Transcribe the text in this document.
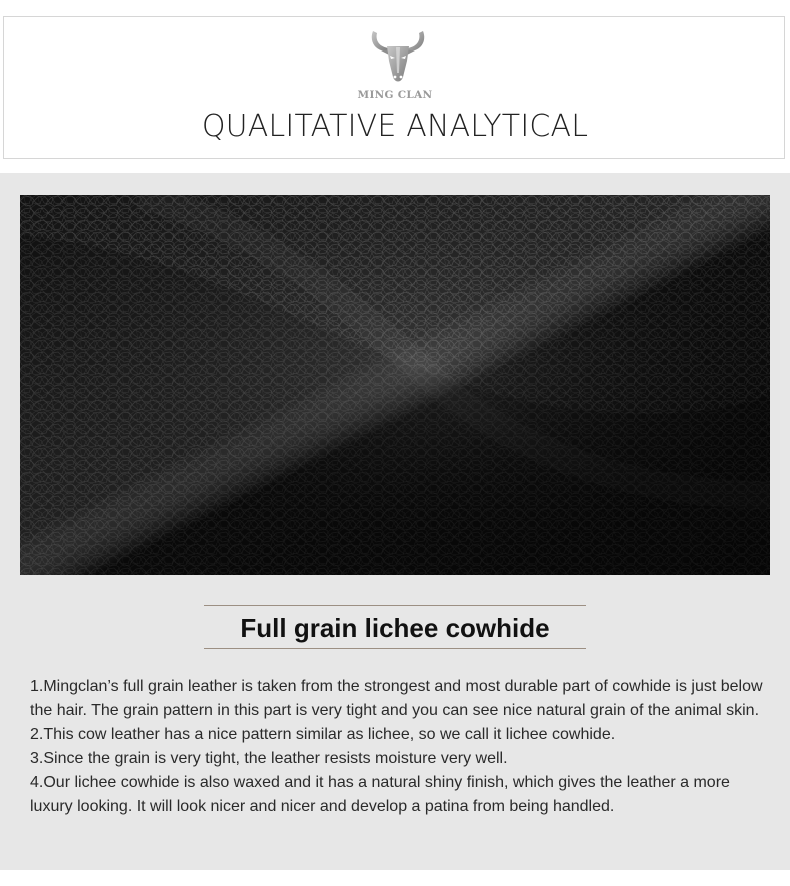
MING CLAN
QUALITATIVE ANALYTICAL
Full grain lichee cowhide

1.Mingclan’s full grain leather is taken from the strongest and most durable part of cowhide is just below the hair. The grain pattern in this part is very tight and you can see nice natural grain of the animal skin.

2.This cow leather has a nice pattern similar as lichee, so we call it lichee cowhide.

3.Since the grain is very tight, the leather resists moisture very well.

4.Our lichee cowhide is also waxed and it has a natural shiny finish, which gives the leather a more luxury looking. It will look nicer and nicer and develop a patina from being handled.
